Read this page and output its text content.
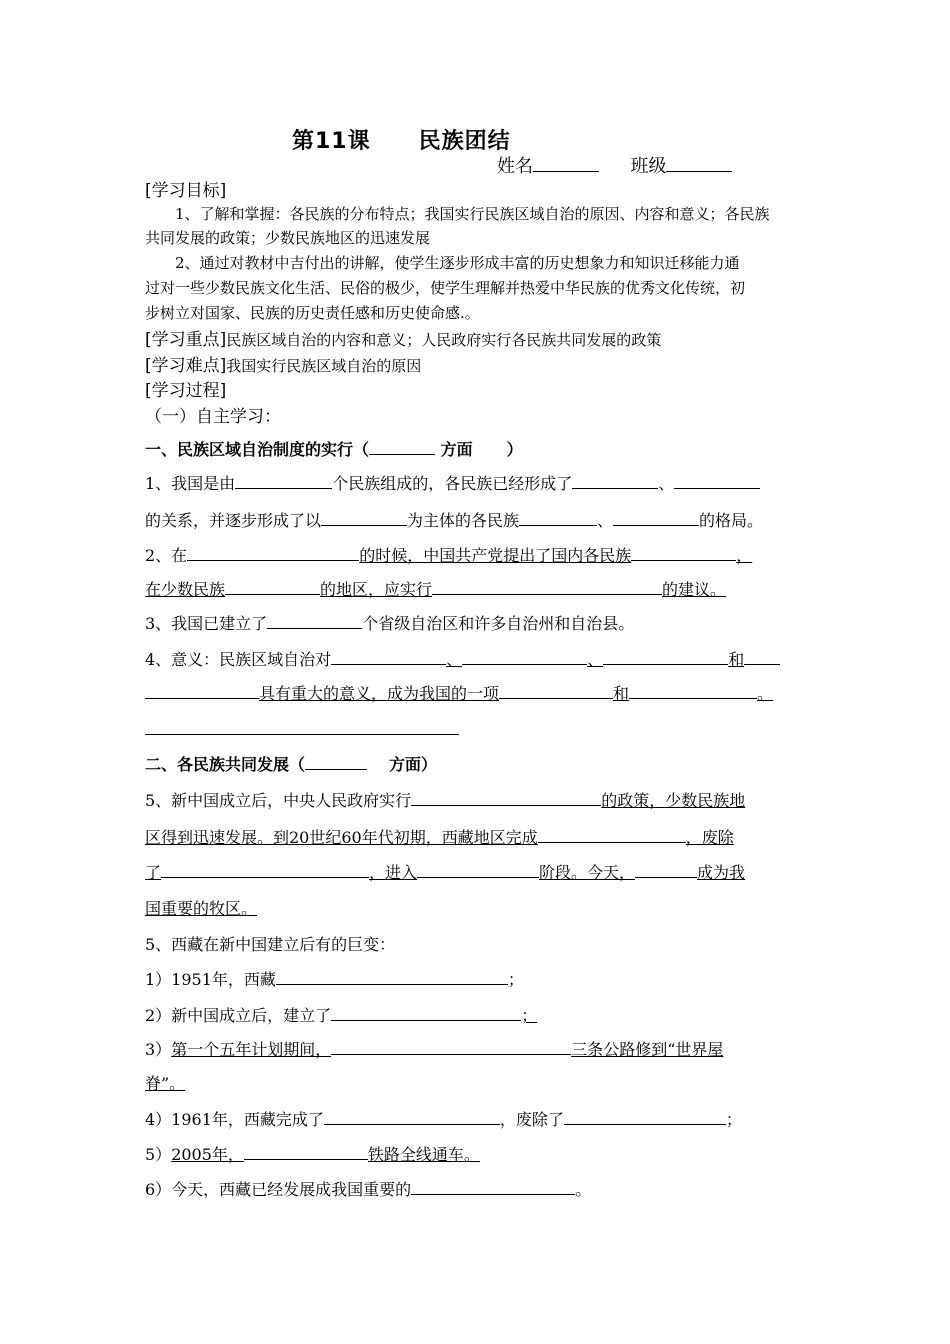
第11课 民族团结
姓名	班级
[学习目标]
1、了解和掌握：各民族的分布特点；我国实行民族区域自治的原因、内容和意义；各民族
共同发展的政策；少数民族地区的迅速发展
2、通过对教材中吉付出的讲解，使学生逐步形成丰富的历史想象力和知识迁移能力通
过对一些少数民族文化生活、民俗的极少，使学生理解并热爱中华民族的优秀文化传统，初
步树立对国家、民族的历史责任感和历史使命感.。
[学习重点]民族区域自治的内容和意义；人民政府实行各民族共同发展的政策
[学习难点]我国实行民族区域自治的原因
[学习过程]
（一）自主学习：
一、民族区域自治制度的实行（	方面 ）
1、我国是由	个民族组成的，各民族已经形成了	、
的关系，并逐步形成了以	为主体的各民族	、	的格局。
2、在	的时候，中国共产党提出了国内各民族	，
在少数民族	的地区，应实行	的建议。
3、我国已建立了	个省级自治区和许多自治州和自治县。
4、意义：民族区域自治对	、	、	和
具有重大的意义，成为我国的一项	和	。
二、各民族共同发展（	方面）
5、新中国成立后，中央人民政府实行	的政策，少数民族地
区得到迅速发展。到20世纪60年代初期，西藏地区完成	，废除
了	，进入	阶段。今天，	成为我
国重要的牧区。
5、西藏在新中国建立后有的巨变：
1）1951年，西藏	；
2）新中国成立后，建立了	；
3）第一个五年计划期间，	三条公路修到“世界屋
脊”。
4）1961年，西藏完成了	，废除了	；
5）2005年，	铁路全线通车。
6）今天，西藏已经发展成我国重要的	。
